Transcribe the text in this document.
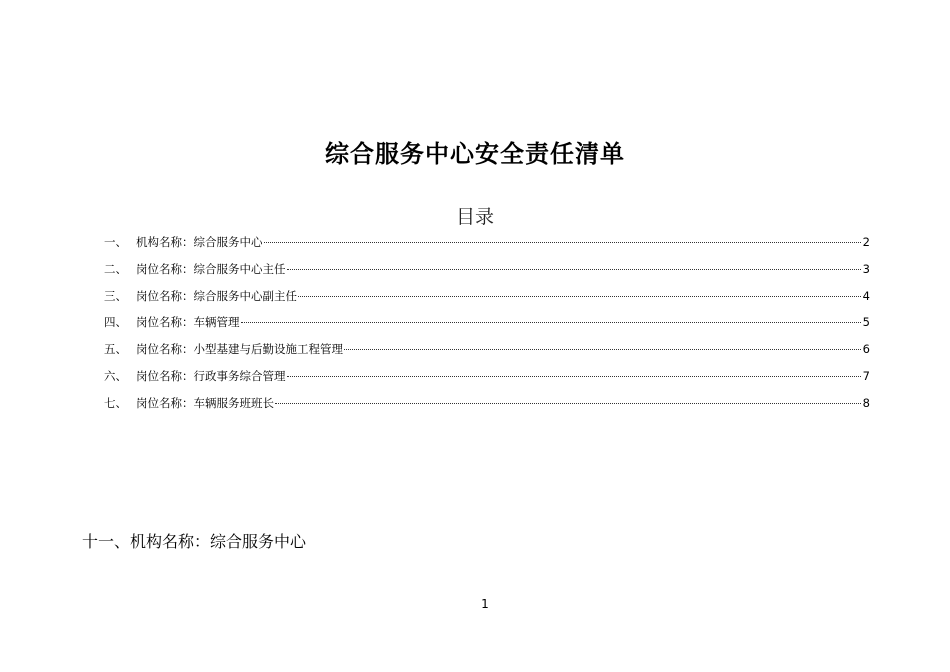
综合服务中心安全责任清单
目录
一、 机构名称：综合服务中心	2
二、 岗位名称：综合服务中心主任	3
三、 岗位名称：综合服务中心副主任	4
四、 岗位名称：车辆管理	5
五、 岗位名称：小型基建与后勤设施工程管理	6
六、 岗位名称：行政事务综合管理	7
七、 岗位名称：车辆服务班班长	8
十一、机构名称：综合服务中心
1
